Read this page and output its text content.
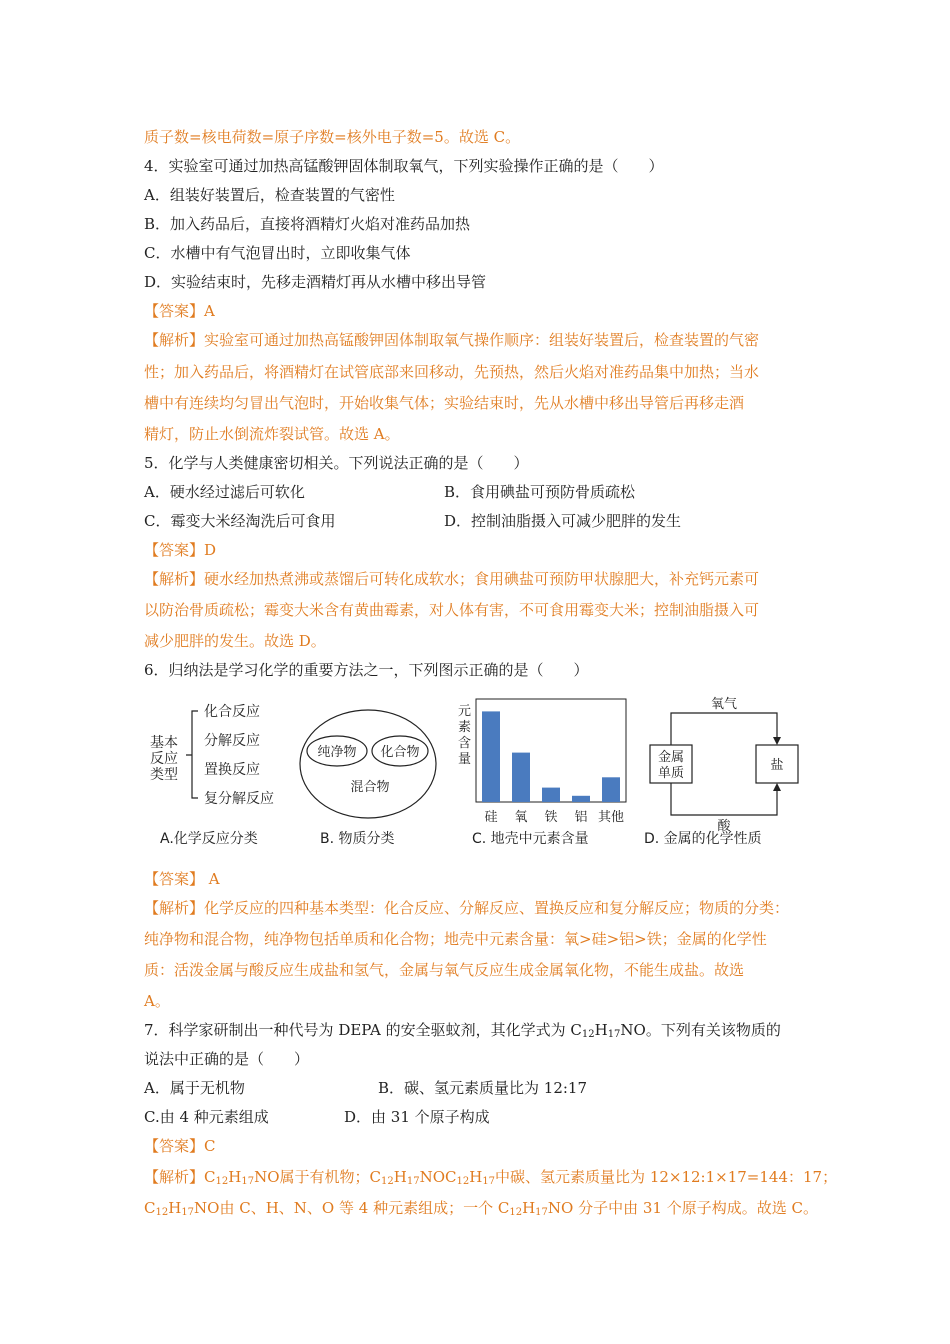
质子数=核电荷数=原子序数=核外电子数=5。故选 C。
4．实验室可通过加热高锰酸钾固体制取氧气，下列实验操作正确的是（　　）
A．组装好装置后，检查装置的气密性
B．加入药品后，直接将酒精灯火焰对准药品加热
C．水槽中有气泡冒出时，立即收集气体
D．实验结束时，先移走酒精灯再从水槽中移出导管
【答案】A
【解析】实验室可通过加热高锰酸钾固体制取氧气操作顺序：组装好装置后，检查装置的气密
性；加入药品后，将酒精灯在试管底部来回移动，先预热，然后火焰对准药品集中加热；当水
槽中有连续均匀冒出气泡时，开始收集气体；实验结束时，先从水槽中移出导管后再移走酒
精灯，防止水倒流炸裂试管。故选 A。
5．化学与人类健康密切相关。下列说法正确的是（　　）
A．硬水经过滤后可软化	B．食用碘盐可预防骨质疏松
C．霉变大米经淘洗后可食用	D．控制油脂摄入可减少肥胖的发生
【答案】D
【解析】硬水经加热煮沸或蒸馏后可转化成软水；食用碘盐可预防甲状腺肥大，补充钙元素可
以防治骨质疏松；霉变大米含有黄曲霉素，对人体有害，不可食用霉变大米；控制油脂摄入可
减少肥胖的发生。故选 D。
6．归纳法是学习化学的重要方法之一，下列图示正确的是（　　）
基本
反应
类型
化合反应
分解反应
置换反应
复分解反应
A.化学反应分类
纯净物 化合物
混合物
B. 物质分类
元
素
含
量
硅 氧 铁 铝 其他
C. 地壳中元素含量
金属
单质
盐
氧气
酸
D. 金属的化学性质
【答案】 A
【解析】化学反应的四种基本类型：化合反应、分解反应、置换反应和复分解反应；物质的分类：
纯净物和混合物，纯净物包括单质和化合物；地壳中元素含量：氧>硅>铝>铁；金属的化学性
质：活泼金属与酸反应生成盐和氢气，金属与氧气反应生成金属氧化物，不能生成盐。故选
A。
7．科学家研制出一种代号为 DEPA 的安全驱蚊剂，其化学式为 C12H17NO。下列有关该物质的
说法中正确的是（　　）
A．属于无机物	B．碳、氢元素质量比为 12:17
C.由 4 种元素组成	D．由 31 个原子构成
【答案】C
【解析】C12H17NO属于有机物；C12H17NOC12H17中碳、氢元素质量比为 12×12:1×17=144：17；
C12H17NO由 C、H、N、O 等 4 种元素组成；一个 C12H17NO 分子中由 31 个原子构成。故选 C。
